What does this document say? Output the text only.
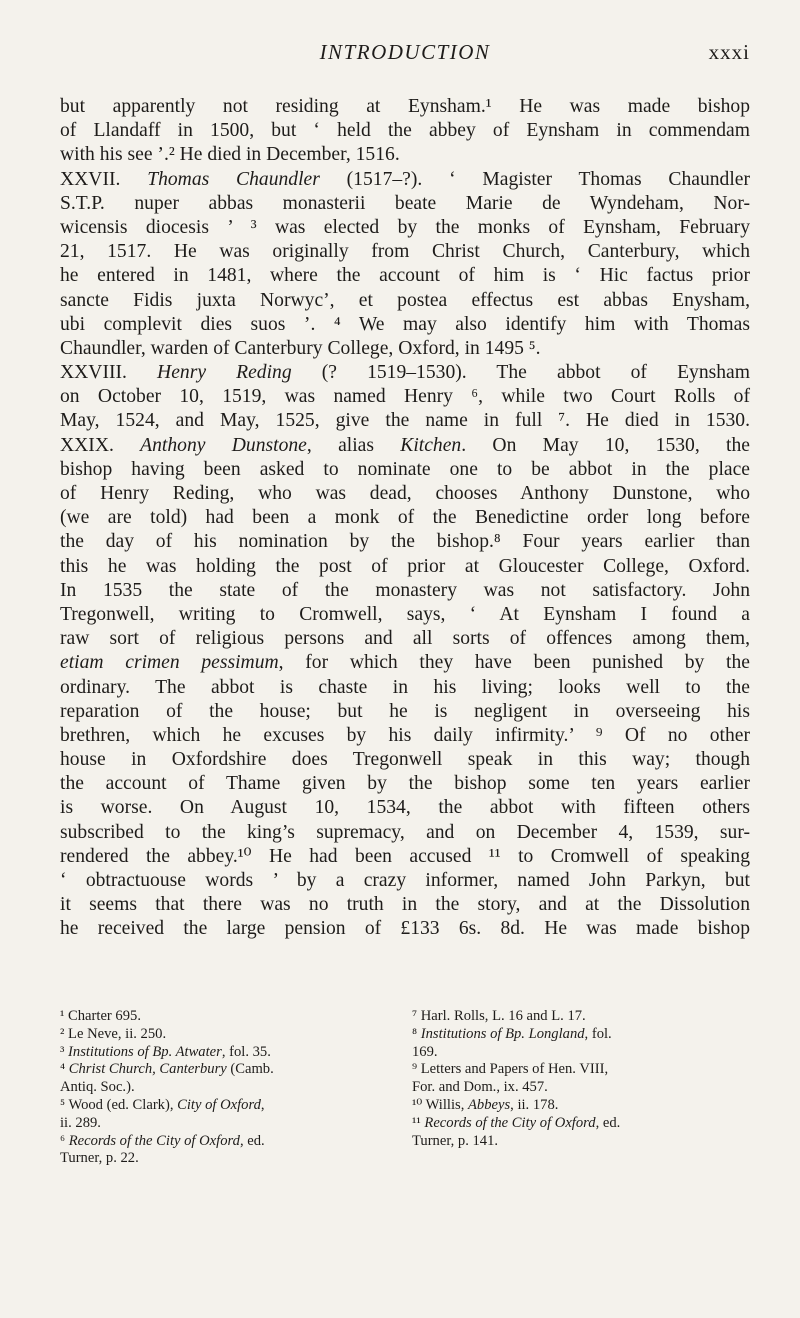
INTRODUCTION	xxxi
but apparently not residing at Eynsham.¹ He was made bishop
of Llandaff in 1500, but ‘ held the abbey of Eynsham in commendam
with his see ’.² He died in December, 1516.
XXVII. Thomas Chaundler (1517–?). ‘ Magister Thomas Chaundler
S.T.P. nuper abbas monasterii beate Marie de Wyndeham, Nor-
wicensis diocesis ’ ³ was elected by the monks of Eynsham, February
21, 1517. He was originally from Christ Church, Canterbury, which
he entered in 1481, where the account of him is ‘ Hic factus prior
sancte Fidis juxta Norwyc’, et postea effectus est abbas Enysham,
ubi complevit dies suos ’. ⁴ We may also identify him with Thomas
Chaundler, warden of Canterbury College, Oxford, in 1495 ⁵.
XXVIII. Henry Reding (? 1519–1530). The abbot of Eynsham
on October 10, 1519, was named Henry ⁶, while two Court Rolls of
May, 1524, and May, 1525, give the name in full ⁷. He died in 1530.
XXIX. Anthony Dunstone, alias Kitchen. On May 10, 1530, the
bishop having been asked to nominate one to be abbot in the place
of Henry Reding, who was dead, chooses Anthony Dunstone, who
(we are told) had been a monk of the Benedictine order long before
the day of his nomination by the bishop.⁸ Four years earlier than
this he was holding the post of prior at Gloucester College, Oxford.
In 1535 the state of the monastery was not satisfactory. John
Tregonwell, writing to Cromwell, says, ‘ At Eynsham I found a
raw sort of religious persons and all sorts of offences among them,
etiam crimen pessimum, for which they have been punished by the
ordinary. The abbot is chaste in his living; looks well to the
reparation of the house; but he is negligent in overseeing his
brethren, which he excuses by his daily infirmity.’ ⁹ Of no other
house in Oxfordshire does Tregonwell speak in this way; though
the account of Thame given by the bishop some ten years earlier
is worse. On August 10, 1534, the abbot with fifteen others
subscribed to the king’s supremacy, and on December 4, 1539, sur-
rendered the abbey.¹⁰ He had been accused ¹¹ to Cromwell of speaking
‘ obtractuouse words ’ by a crazy informer, named John Parkyn, but
it seems that there was no truth in the story, and at the Dissolution
he received the large pension of £133 6s. 8d. He was made bishop
¹ Charter 695.
² Le Neve, ii. 250.
³ Institutions of Bp. Atwater, fol. 35.
⁴ Christ Church, Canterbury (Camb.
Antiq. Soc.).
⁵ Wood (ed. Clark), City of Oxford,
ii. 289.
⁶ Records of the City of Oxford, ed.
Turner, p. 22.
⁷ Harl. Rolls, L. 16 and L. 17.
⁸ Institutions of Bp. Longland, fol.
169.
⁹ Letters and Papers of Hen. VIII,
For. and Dom., ix. 457.
¹⁰ Willis, Abbeys, ii. 178.
¹¹ Records of the City of Oxford, ed.
Turner, p. 141.
